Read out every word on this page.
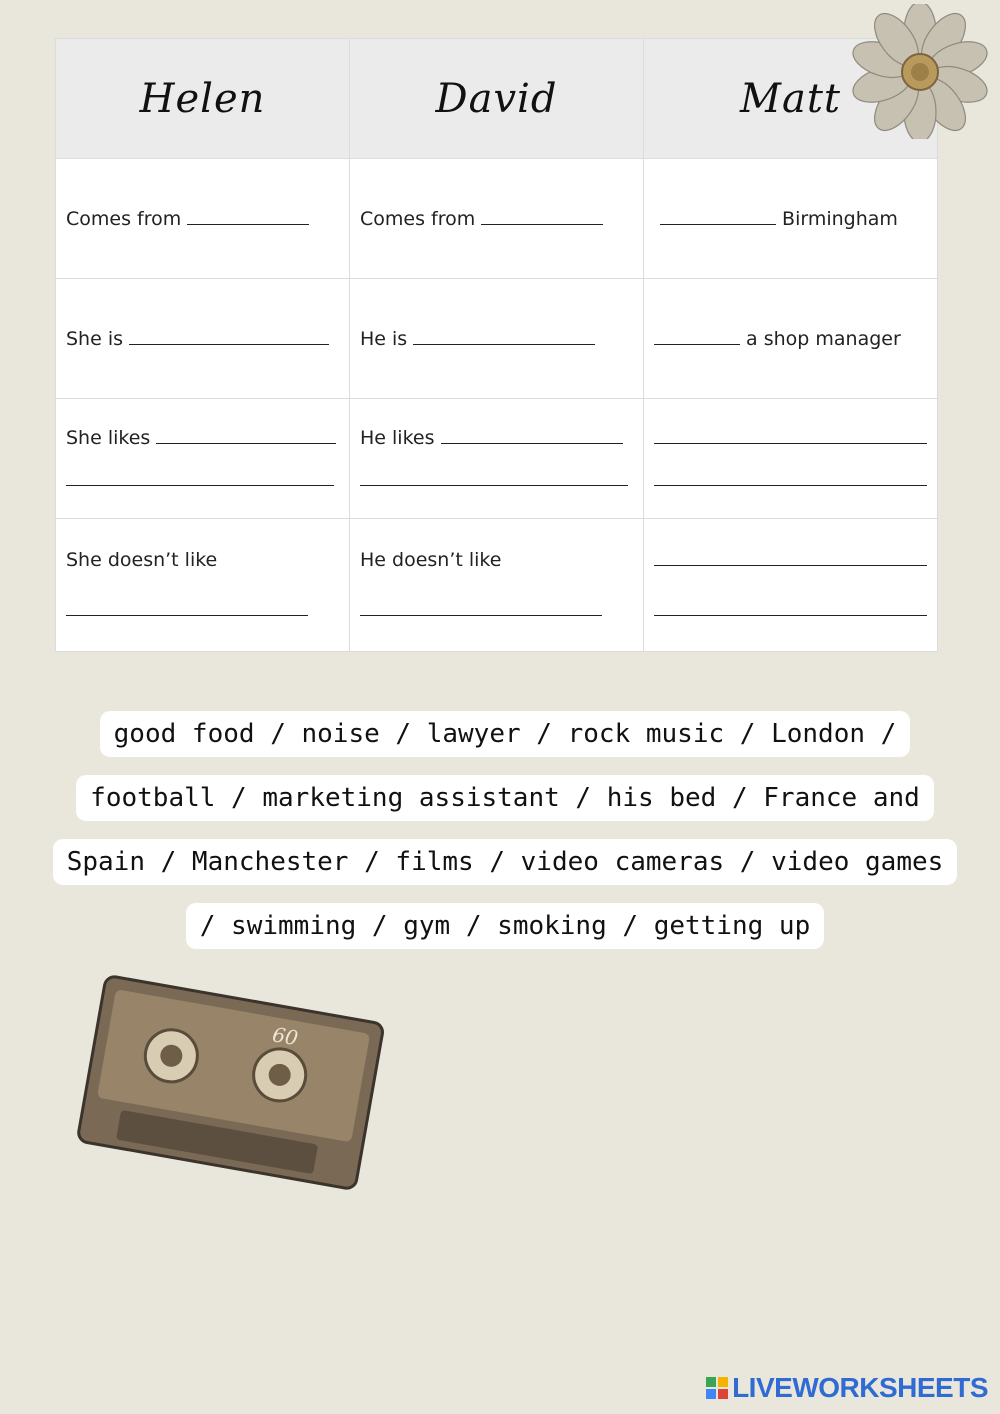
Helen	David	Matt

Comes from	Comes from	Birmingham

She is	He is	a shop manager

She likes	He likes	

She doesn’t like	He doesn’t like	

good food / noise / lawyer / rock music / London / football / marketing assistant / his bed / France and Spain / Manchester / films / video cameras / video games / swimming / gym / smoking / getting up
60
LIVEWORKSHEETS
